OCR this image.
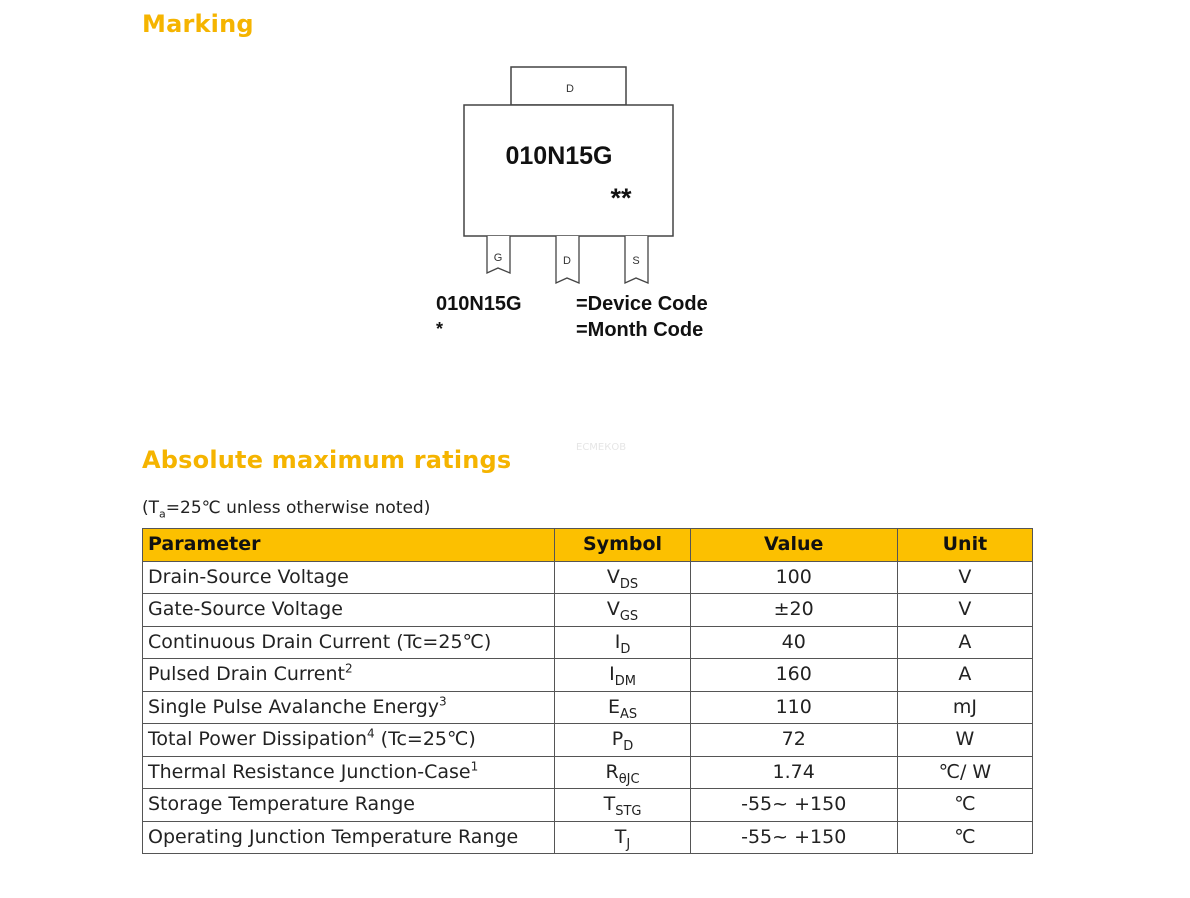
Marking
D
010N15G
**
G	D	S
010N15G	=Device Code
*	=Month Code
Absolute maximum ratings	ЕСМЕКОВ
($T_a=25℃$ unless otherwise noted)
Parameter	Symbol	Value	Unit
Drain-Source Voltage	$V_{DS}$	100	V
Gate-Source Voltage	$V_{GS}$	±20	V
Continuous Drain Current (Tc=25℃)	$I_D$	40	A
Pulsed Drain Current$^2$	$I_{DM}$	160	A
Single Pulse Avalanche Energy$^3$	$E_{AS}$	110	mJ
Total Power Dissipation$^4$ (Tc=25℃)	$P_D$	72	W
Thermal Resistance Junction-Case$^1$	$R_{\theta JC}$	1.74	℃/ W
Storage Temperature Range	$T_{STG}$	-55~ +150	℃
Operating Junction Temperature Range	$T_J$	-55~ +150	℃
